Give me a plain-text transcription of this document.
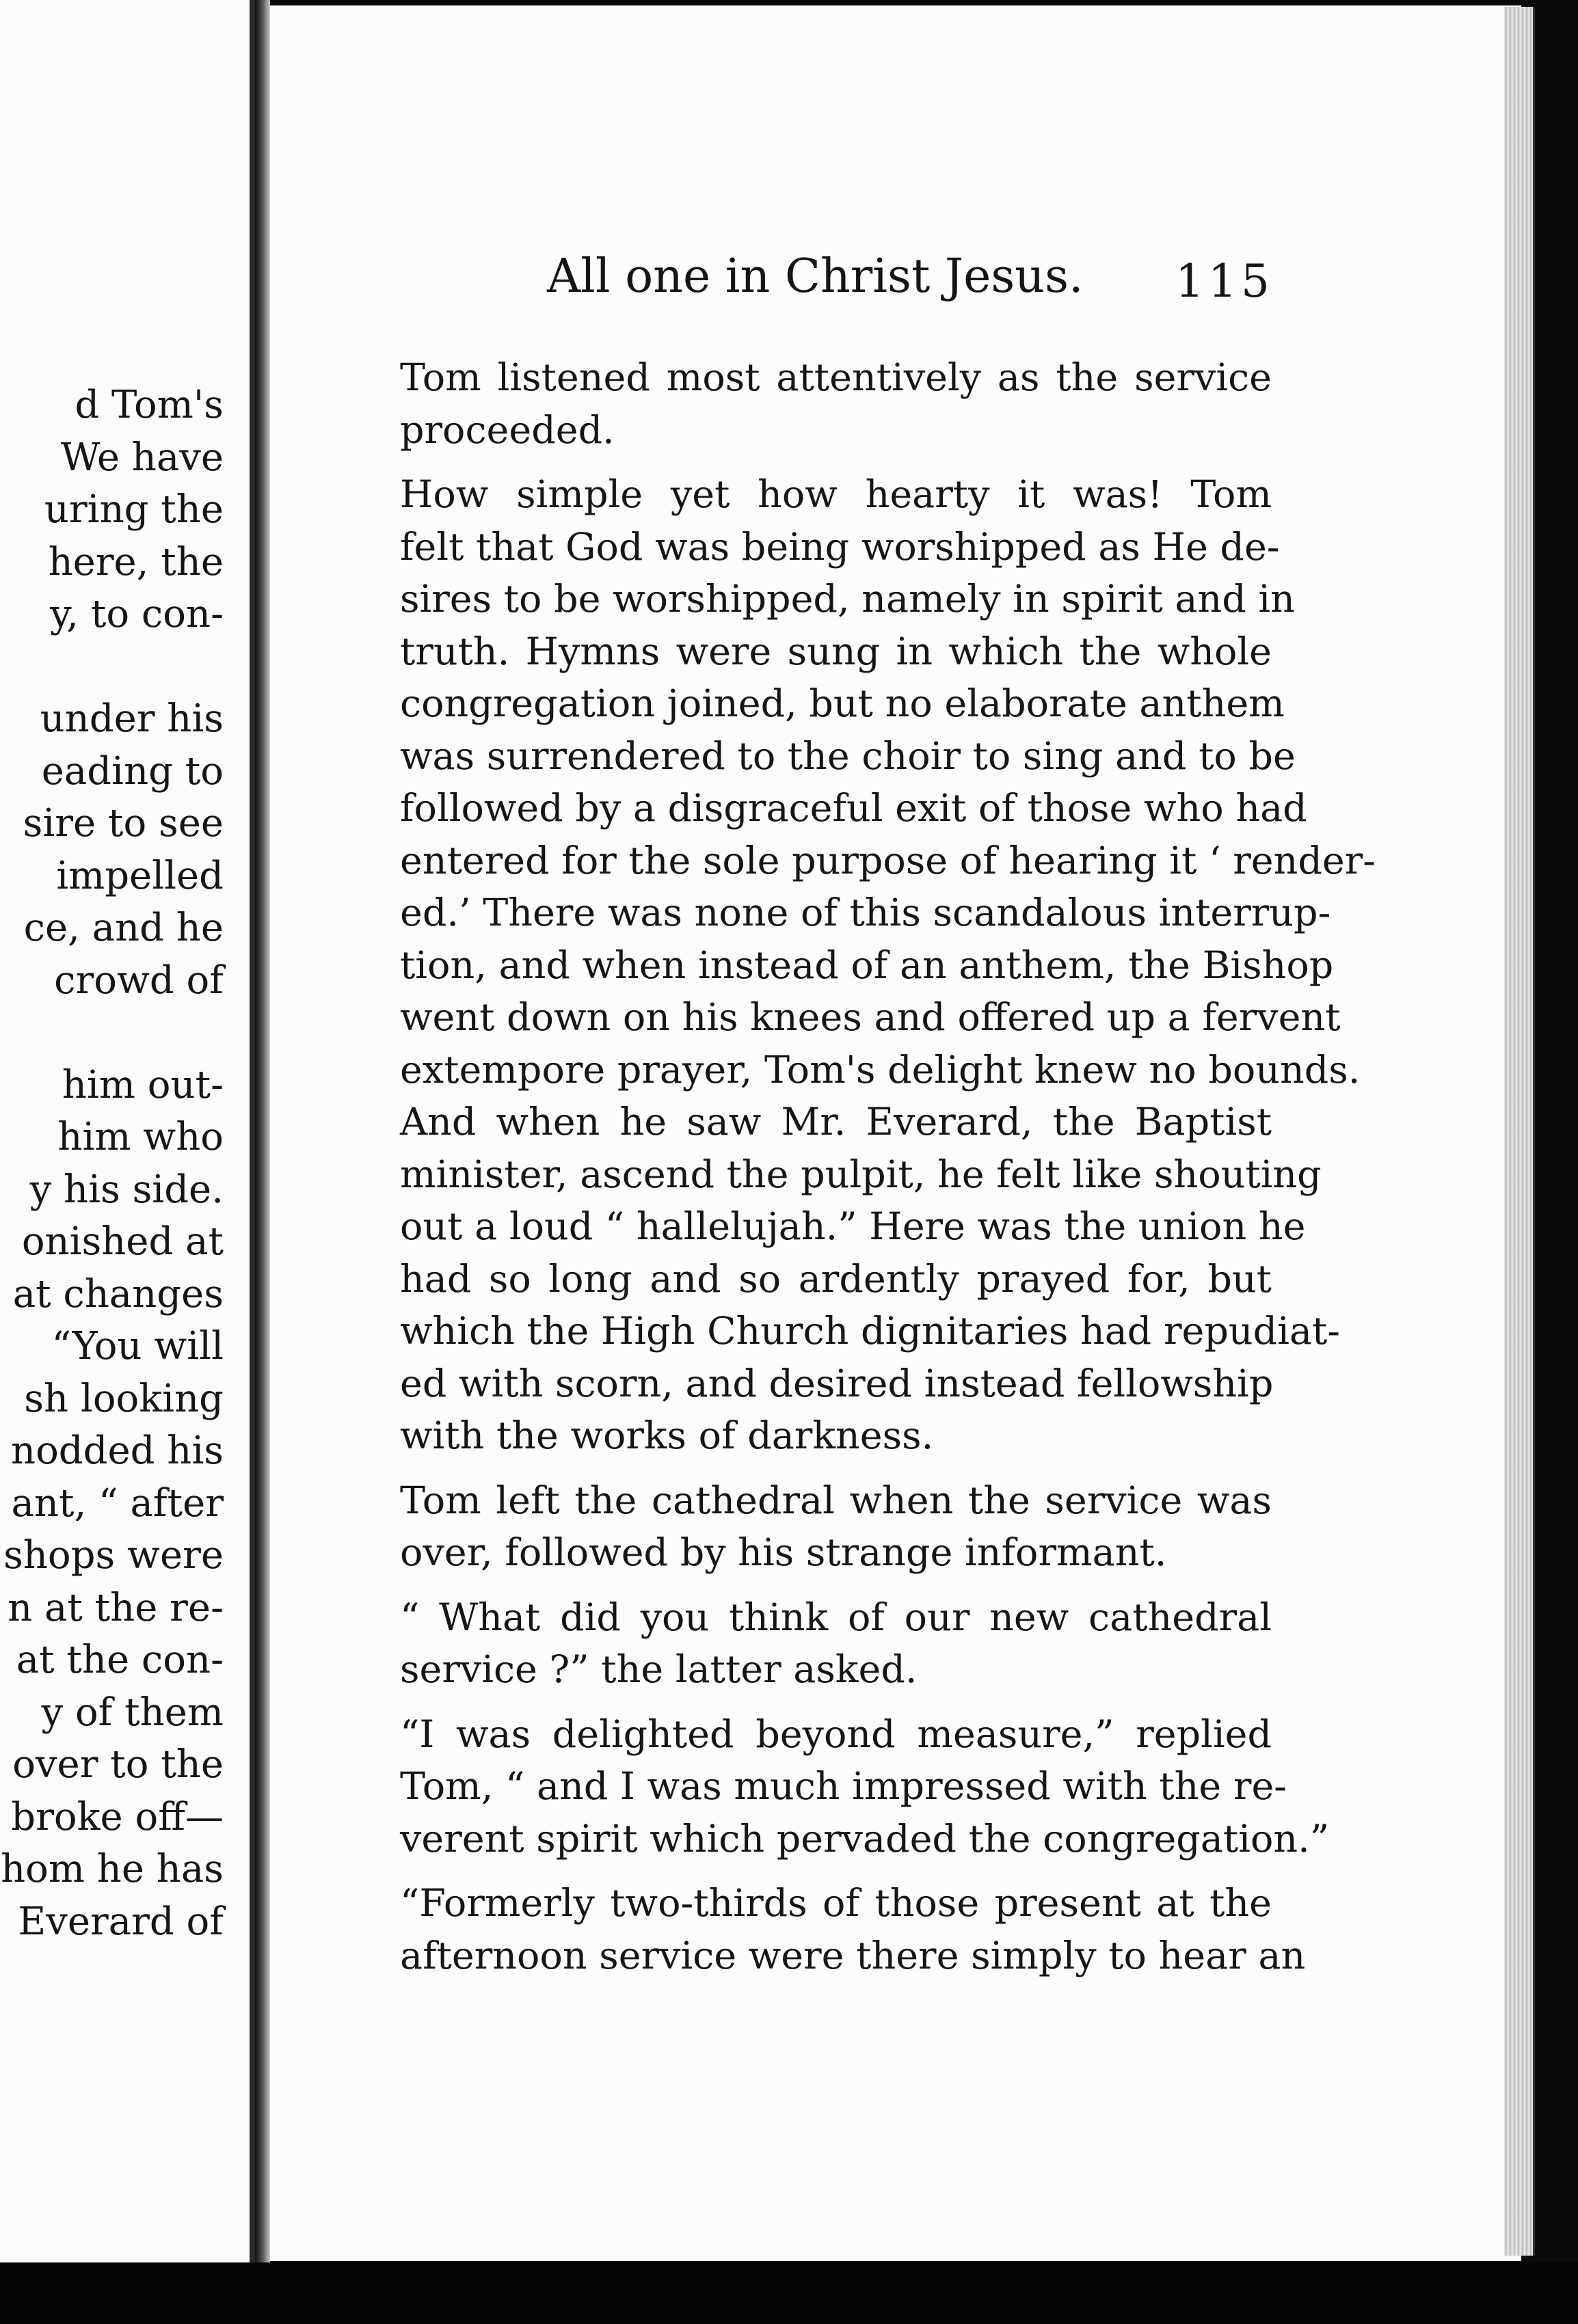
d Tom's
We have
uring the
here, the
y, to con-

under his
eading to
sire to see
impelled
ce, and he
crowd of

him out-
him who
y his side.
onished at
at changes
“You will
sh looking
nodded his
ant, “ after
shops were
n at the re-
at the con-
y of them
over to the
broke off—
hom he has
Everard of
All one in Christ Jesus. 115

Tom listened most attentively as the service
proceeded.

How simple yet how hearty it was! Tom
felt that God was being worshipped as He de-
sires to be worshipped, namely in spirit and in
truth. Hymns were sung in which the whole
congregation joined, but no elaborate anthem
was surrendered to the choir to sing and to be
followed by a disgraceful exit of those who had
entered for the sole purpose of hearing it ‘ render-
ed.’ There was none of this scandalous interrup-
tion, and when instead of an anthem, the Bishop
went down on his knees and offered up a fervent
extempore prayer, Tom's delight knew no bounds.
And when he saw Mr. Everard, the Baptist
minister, ascend the pulpit, he felt like shouting
out a loud “ hallelujah.” Here was the union he
had so long and so ardently prayed for, but
which the High Church dignitaries had repudiat-
ed with scorn, and desired instead fellowship
with the works of darkness.

Tom left the cathedral when the service was
over, followed by his strange informant.

“ What did you think of our new cathedral
service ?” the latter asked.

“I was delighted beyond measure,” replied
Tom, “ and I was much impressed with the re-
verent spirit which pervaded the congregation.”

“Formerly two-thirds of those present at the
afternoon service were there simply to hear an
